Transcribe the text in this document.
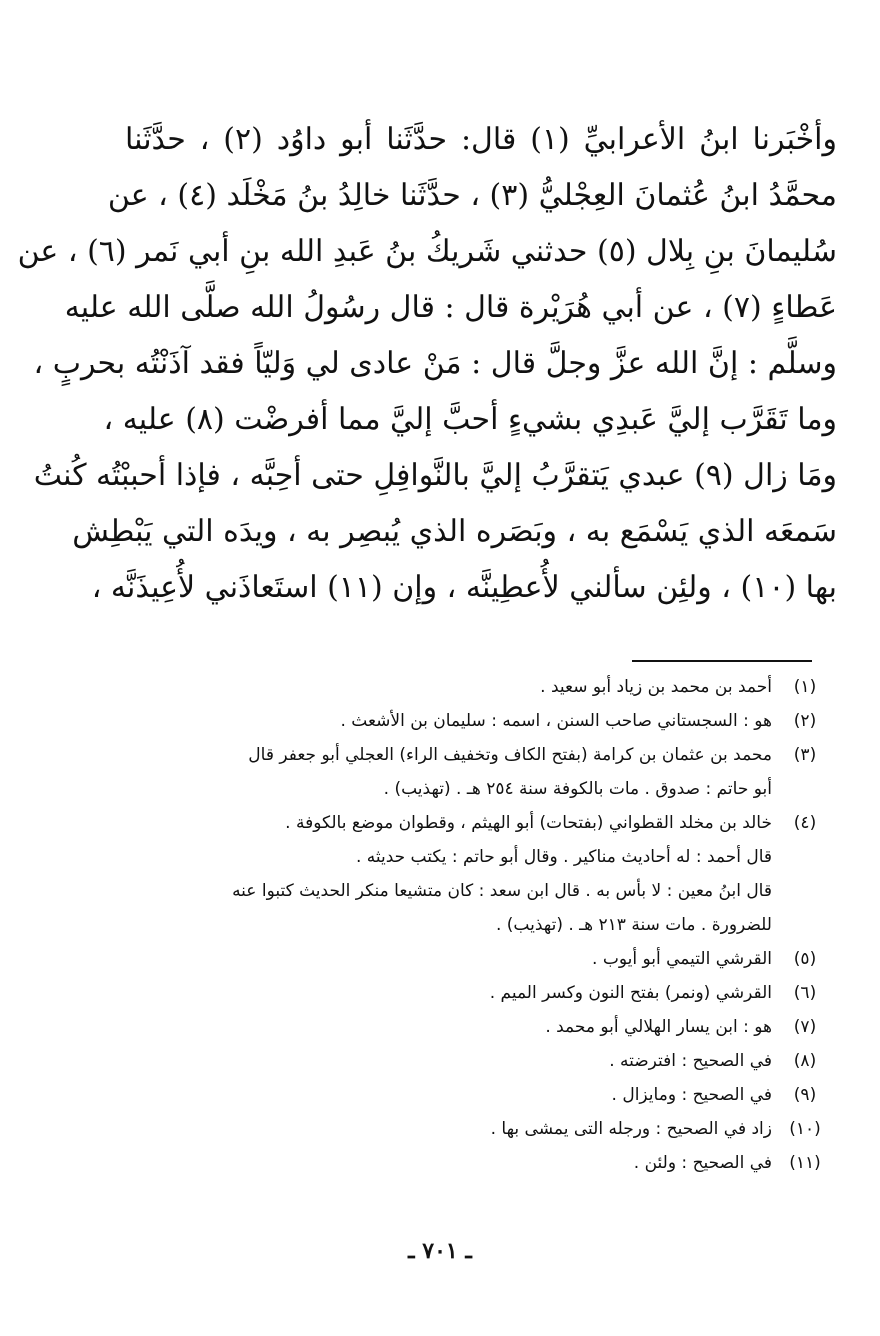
وأخْبَرنا ابنُ الأعرابيِّ (١) قال: حدَّثَنا أبو داوُد (٢) ، حدَّثَنا
محمَّدُ ابنُ عُثمانَ العِجْليُّ (٣) ، حدَّثَنا خالِدُ بنُ مَخْلَد (٤) ، عن
سُليمانَ بنِ بِلال (٥) حدثني شَريكُ بنُ عَبدِ الله بنِ أبي نَمر (٦) ، عن
عَطاءٍ (٧) ، عن أبي هُرَيْرة قال : قال رسُولُ الله صلَّى الله عليه
وسلَّم : إنَّ الله عزَّ وجلَّ قال : مَنْ عادى لي وَليّاً فقد آذَنْتُه بحربٍ ،
وما تَقَرَّب إليَّ عَبدِي بشيءٍ أحبَّ إليَّ مما أفرضْت (٨) عليه ،
ومَا زال (٩) عبدي يَتقرَّبُ إليَّ بالنَّوافِلِ حتى أحِبَّه ، فإذا أحببْتُه كُنتُ
سَمعَه الذي يَسْمَع به ، وبَصَره الذي يُبصِر به ، ويدَه التي يَبْطِش
بها (١٠) ، ولئِن سألني لأُعطِينَّه ، وإن (١١) استَعاذَني لأُعِيذَنَّه ،
(١)
أحمد بن محمد بن زياد أبو سعيد .
(٢)
هو : السجستاني صاحب السنن ، اسمه : سليمان بن الأشعث .
(٣)
محمد بن عثمان بن كرامة (بفتح الكاف وتخفيف الراء) العجلي أبو جعفر قال
أبو حاتم : صدوق . مات بالكوفة سنة ٢٥٤ هـ . (تهذيب) .
(٤)
خالد بن مخلد القطواني (بفتحات) أبو الهيثم ، وقطوان موضع بالكوفة .
قال أحمد : له أحاديث مناكير . وقال أبو حاتم : يكتب حديثه .
قال ابنُ معين : لا بأس به . قال ابن سعد : كان متشيعا منكر الحديث كتبوا عنه
للضرورة . مات سنة ٢١٣ هـ . (تهذيب) .
(٥)
القرشي التيمي أبو أيوب .
(٦)
القرشي (ونمر) بفتح النون وكسر الميم .
(٧)
هو : ابن يسار الهلالي أبو محمد .
(٨)
في الصحيح : افترضته .
(٩)
في الصحيح : ومايزال .
(١٠)
زاد في الصحيح : ورجله التى يمشى بها .
(١١)
في الصحيح : ولئن .
ـ ٧٠١ ـ
